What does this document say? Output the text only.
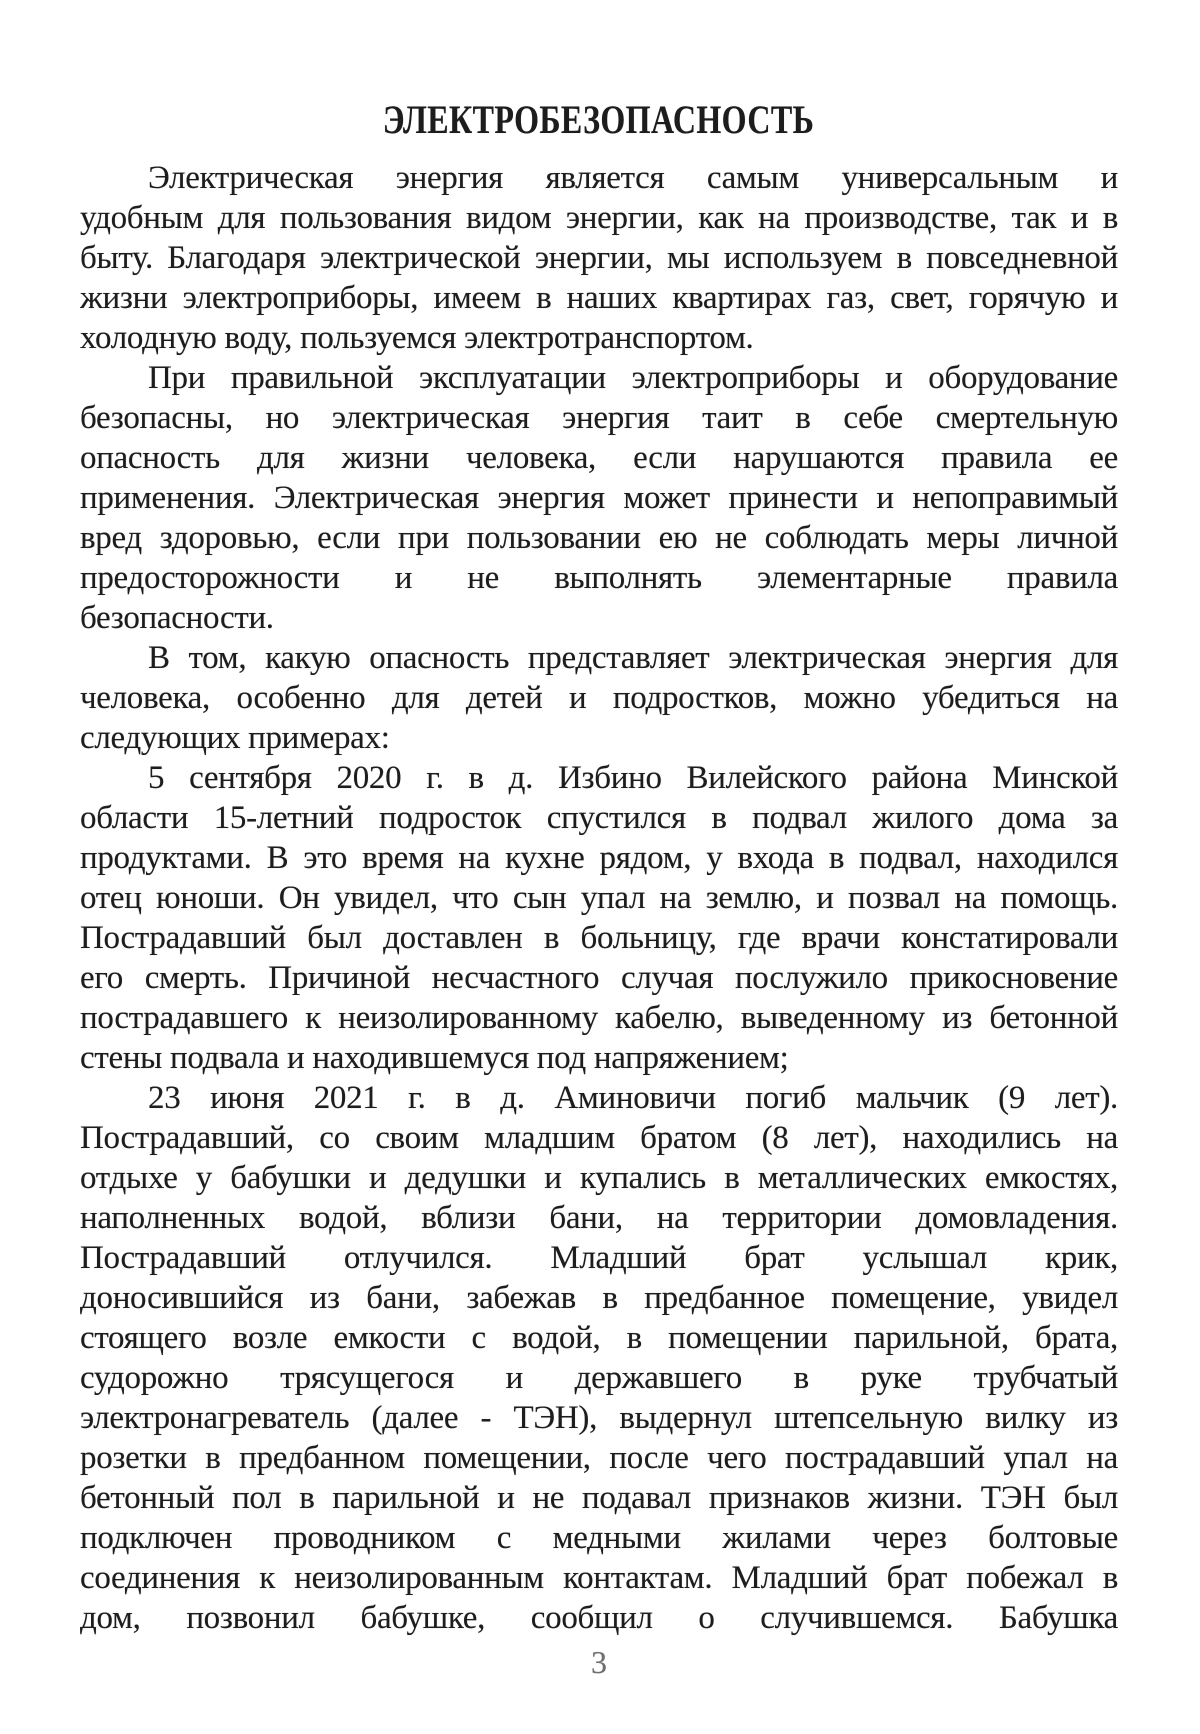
ЭЛЕКТРОБЕЗОПАСНОСТЬ
Электрическая энергия является самым универсальным и
удобным для пользования видом энергии, как на производстве, так и в
быту. Благодаря электрической энергии, мы используем в повседневной
жизни электроприборы, имеем в наших квартирах газ, свет, горячую и
холодную воду, пользуемся электротранспортом.
При правильной эксплуатации электроприборы и оборудование
безопасны, но электрическая энергия таит в себе смертельную
опасность для жизни человека, если нарушаются правила ее
применения. Электрическая энергия может принести и непоправимый
вред здоровью, если при пользовании ею не соблюдать меры личной
предосторожности и не выполнять элементарные правила
безопасности.
В том, какую опасность представляет электрическая энергия для
человека, особенно для детей и подростков, можно убедиться на
следующих примерах:
5 сентября 2020 г. в д. Избино Вилейского района Минской
области 15-летний подросток спустился в подвал жилого дома за
продуктами. В это время на кухне рядом, у входа в подвал, находился
отец юноши. Он увидел, что сын упал на землю, и позвал на помощь.
Пострадавший был доставлен в больницу, где врачи констатировали
его смерть. Причиной несчастного случая послужило прикосновение
пострадавшего к неизолированному кабелю, выведенному из бетонной
стены подвала и находившемуся под напряжением;
23 июня 2021 г. в д. Аминовичи погиб мальчик (9 лет).
Пострадавший, со своим младшим братом (8 лет), находились на
отдыхе у бабушки и дедушки и купались в металлических емкостях,
наполненных водой, вблизи бани, на территории домовладения.
Пострадавший отлучился. Младший брат услышал крик,
доносившийся из бани, забежав в предбанное помещение, увидел
стоящего возле емкости с водой, в помещении парильной, брата,
судорожно трясущегося и державшего в руке трубчатый
электронагреватель (далее - ТЭН), выдернул штепсельную вилку из
розетки в предбанном помещении, после чего пострадавший упал на
бетонный пол в парильной и не подавал признаков жизни. ТЭН был
подключен проводником с медными жилами через болтовые
соединения к неизолированным контактам. Младший брат побежал в
дом, позвонил бабушке, сообщил о случившемся. Бабушка
3
